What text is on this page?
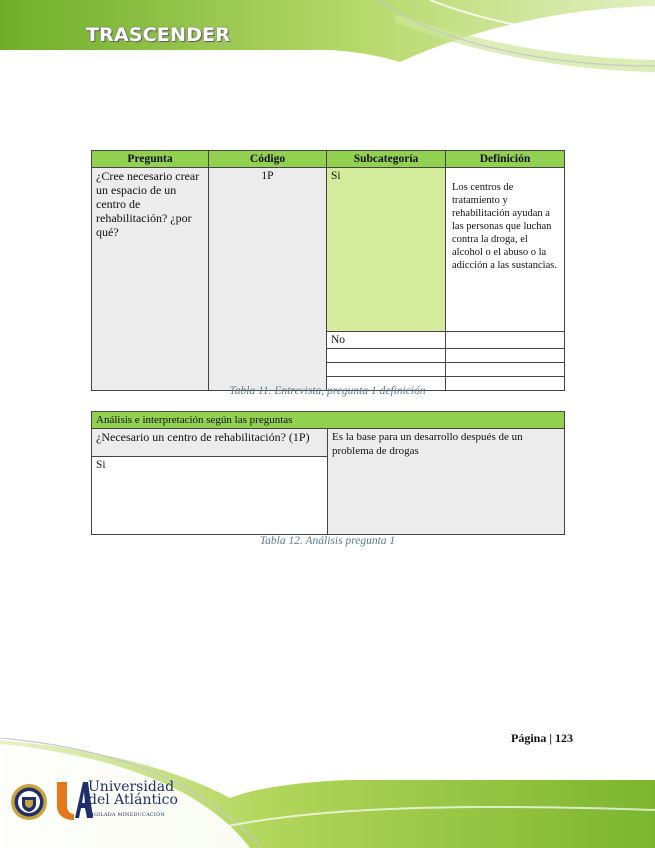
TRASCENDER
Pregunta	Código	Subcategoría	Definición
¿Cree necesario crear un espacio de un centro de rehabilitación? ¿por qué?	1P	Si	Los centros de tratamiento y rehabilitación ayudan a las personas que luchan contra la droga, el alcohol o el abuso o la adicción a las sustancias.

		No	

Tabla 11. Entrevista, pregunta 1 definición

Análisis e interpretación según las preguntas
¿Necesario un centro de rehabilitación? (1P)	Es la base para un desarrollo después de un problema de drogas
Si

Tabla 12. Análisis pregunta 1

Página | 123

Universidad
del Atlántico
VIGILADA MINEDUCACIÓN
